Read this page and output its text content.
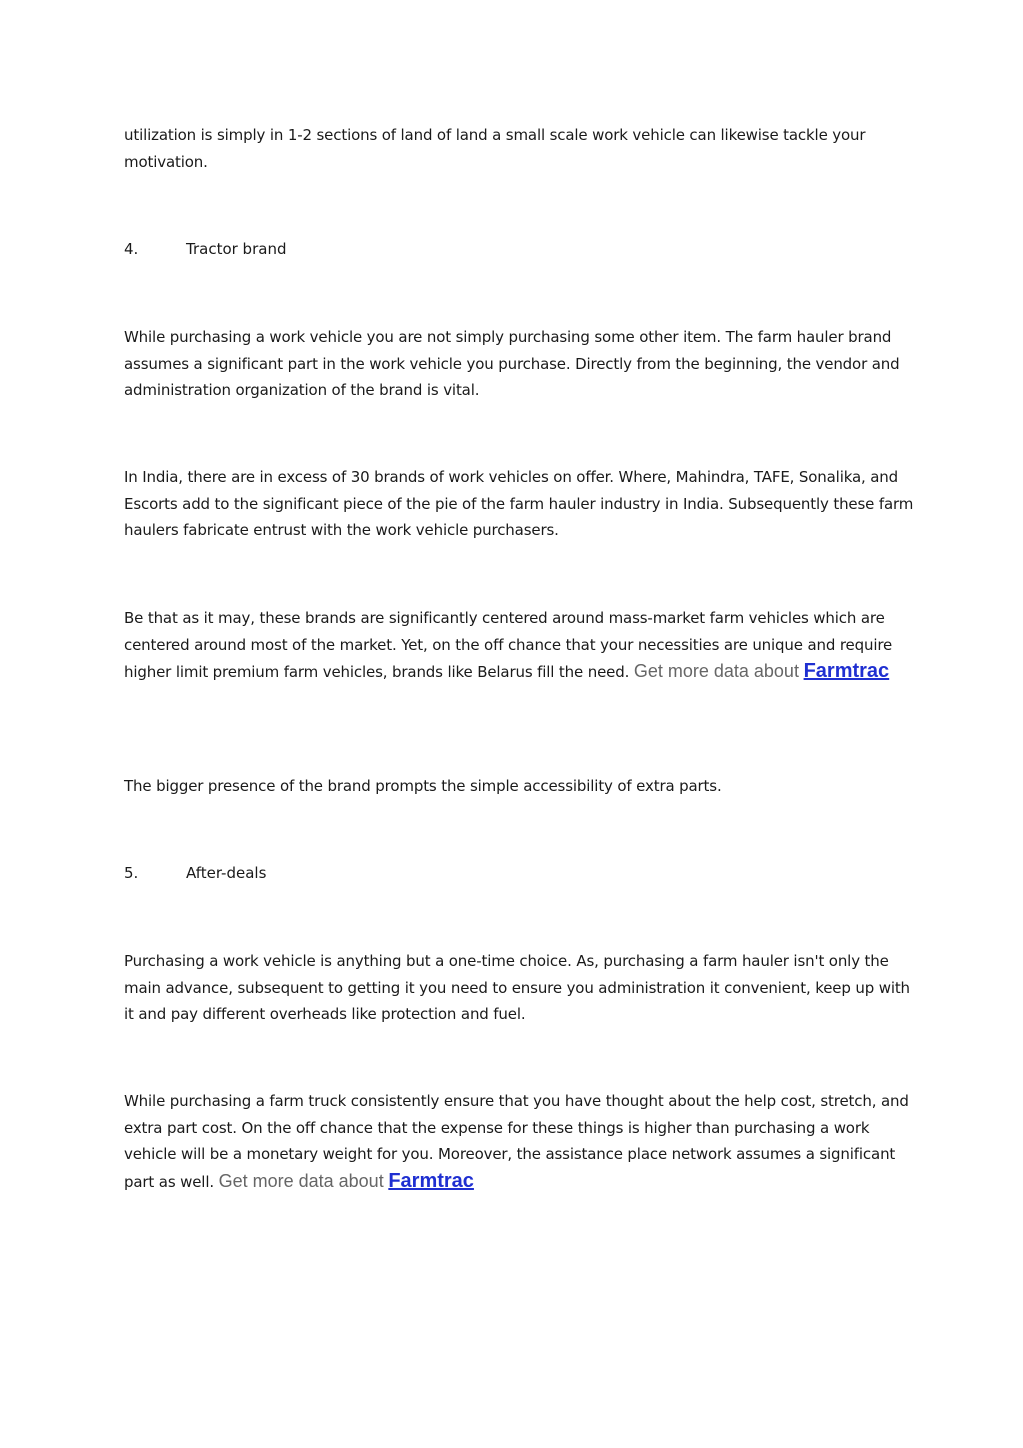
utilization is simply in 1-2 sections of land of land a small scale work vehicle can likewise tackle your motivation.

4.	Tractor brand

While purchasing a work vehicle you are not simply purchasing some other item. The farm hauler brand assumes a significant part in the work vehicle you purchase. Directly from the beginning, the vendor and administration organization of the brand is vital.

In India, there are in excess of 30 brands of work vehicles on offer. Where, Mahindra, TAFE, Sonalika, and Escorts add to the significant piece of the pie of the farm hauler industry in India. Subsequently these farm haulers fabricate entrust with the work vehicle purchasers.

Be that as it may, these brands are significantly centered around mass-market farm vehicles which are centered around most of the market. Yet, on the off chance that your necessities are unique and require higher limit premium farm vehicles, brands like Belarus fill the need. Get more data about Farmtrac

The bigger presence of the brand prompts the simple accessibility of extra parts.

5.	After-deals

Purchasing a work vehicle is anything but a one-time choice. As, purchasing a farm hauler isn't only the main advance, subsequent to getting it you need to ensure you administration it convenient, keep up with it and pay different overheads like protection and fuel.

While purchasing a farm truck consistently ensure that you have thought about the help cost, stretch, and extra part cost. On the off chance that the expense for these things is higher than purchasing a work vehicle will be a monetary weight for you. Moreover, the assistance place network assumes a significant part as well. Get more data about Farmtrac
